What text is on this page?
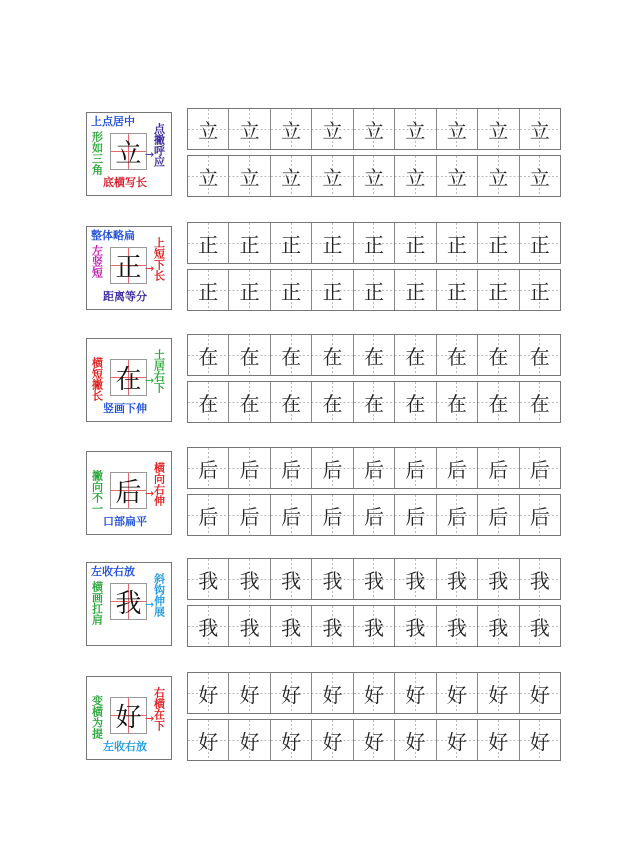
立
上点居中
形如三角	点撇呼应
底横写长
→
立	立	立	立	立	立	立	立	立
立	立	立	立	立	立	立	立	立
正
整体略扁
左竖短	上短下长
距离等分
→
正	正	正	正	正	正	正	正	正
正	正	正	正	正	正	正	正	正
在
横短撇长	土居右下
竖画下伸
→
在	在	在	在	在	在	在	在	在
在	在	在	在	在	在	在	在	在
后
撇向不一	横向右伸
口部扁平
→
后	后	后	后	后	后	后	后	后
后	后	后	后	后	后	后	后	后
我
左收右放
横画扛肩	斜钩伸展
→
我	我	我	我	我	我	我	我	我
我	我	我	我	我	我	我	我	我
好
变横为提	右横在下
左收右放
→
好	好	好	好	好	好	好	好	好
好	好	好	好	好	好	好	好	好
